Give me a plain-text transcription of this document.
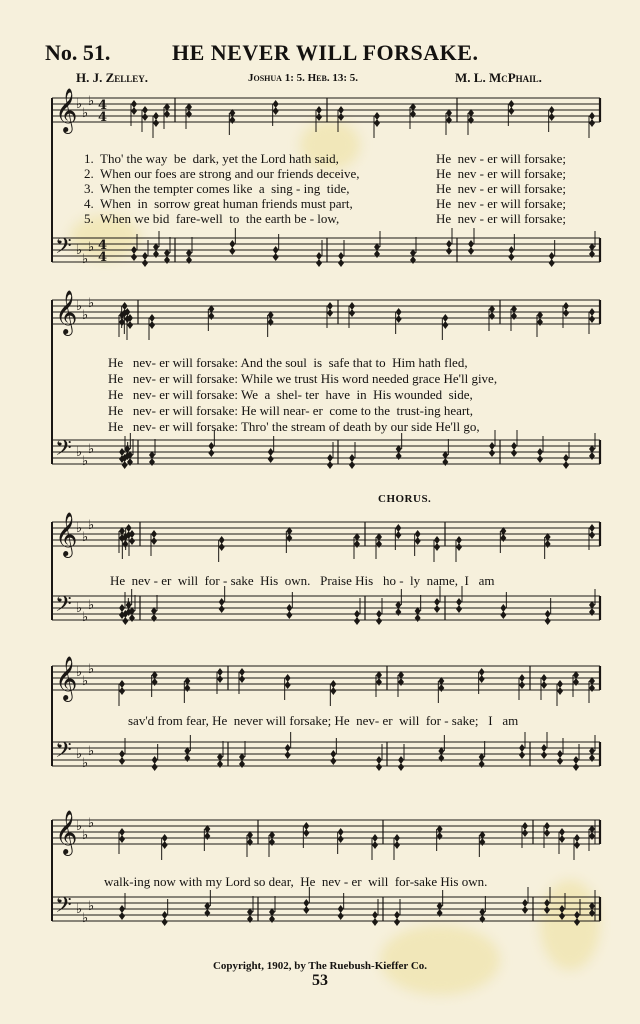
No. 51.	HE NEVER WILL FORSAKE.
H. J. Zelley.	Joshua 1: 5. Heb. 13: 5.	M. L. McPhail.
𝄞
♭
♭
♭ 4
4
𝄢 ♭
♭
♭ 4
4
𝄞
♭
♭
♭
𝄢 ♭
♭
♭
𝄞
♭
♭
♭
𝄢 ♭
♭
♭
𝄞
♭
♭
♭
𝄢 ♭
♭
♭
𝄞
♭
♭
♭
𝄢 ♭
♭
♭
1.  Tho' the way  be  dark, yet the Lord hath said,
2.  When our foes are strong and our friends deceive,
3.  When the tempter comes like  a  sing - ing  tide,
4.  When  in  sorrow great human friends must part,
5.  When we bid  fare-well  to  the earth be - low,
He  nev - er will forsake;
He  nev - er will forsake;
He  nev - er will forsake;
He  nev - er will forsake;
He  nev - er will forsake;
He   nev- er will forsake: And the soul  is  safe that to  Him hath fled,
He   nev- er will forsake: While we trust His word needed grace He'll give,
He   nev- er will forsake: We  a  shel- ter  have  in  His wounded  side,
He   nev- er will forsake: He will near- er  come to the  trust-ing heart,
He   nev- er will forsake: Thro' the stream of death by our side He'll go,
CHORUS.
He  nev - er  will  for - sake  His  own.   Praise His   ho -  ly  name,  I   am
sav'd from fear, He  never will forsake; He  nev- er  will  for - sake;   I   am
walk-ing now with my Lord so dear,  He  nev - er  will  for-sake His own.
Copyright, 1902, by The Ruebush-Kieffer Co.
53
